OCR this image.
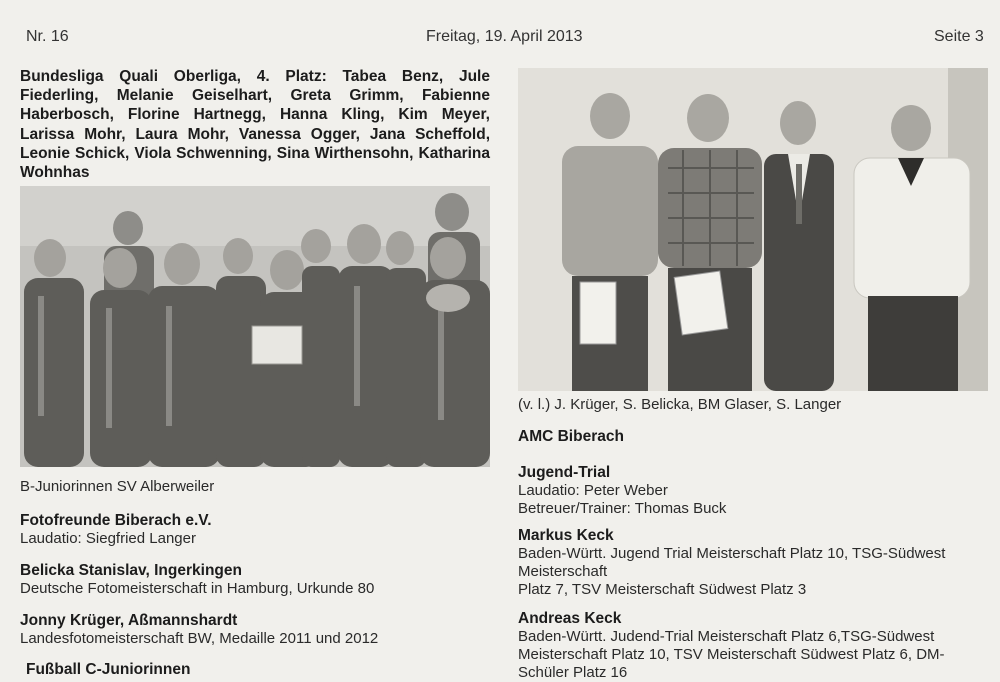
Nr. 16	Freitag, 19. April 2013	Seite 3
Bundesliga Quali Oberliga, 4. Platz: Tabea Benz, Jule Fiederling, Melanie Geiselhart, Greta Grimm, Fabienne Haberbosch, Florine Hartnegg, Hanna Kling, Kim Meyer, Larissa Mohr, Laura Mohr, Vanessa Ogger, Jana Scheffold, Leonie Schick, Viola Schwenning, Sina Wirthensohn, Katharina Wohnhas
B-Juniorinnen SV Alberweiler
(v. l.) J. Krüger, S. Belicka, BM Glaser, S. Langer
Fotofreunde Biberach e.V.
Laudatio: Siegfried Langer
Belicka Stanislav, Ingerkingen
Deutsche Fotomeisterschaft in Hamburg, Urkunde 80
Jonny Krüger, Aßmannshardt
Landesfotomeisterschaft BW, Medaille 2011 und 2012
Fußball C-Juniorinnen
AMC Biberach
Jugend-Trial
Laudatio: Peter Weber
Betreuer/Trainer: Thomas Buck
Markus Keck
Baden-Württ. Jugend Trial Meisterschaft Platz 10, TSG-Südwest
Meisterschaft
Platz 7, TSV Meisterschaft Südwest Platz 3
Andreas Keck
Baden-Württ. Judend-Trial Meisterschaft Platz 6,TSG-Südwest
Meisterschaft Platz 10, TSV Meisterschaft Südwest Platz 6, DM-
Schüler Platz 16
